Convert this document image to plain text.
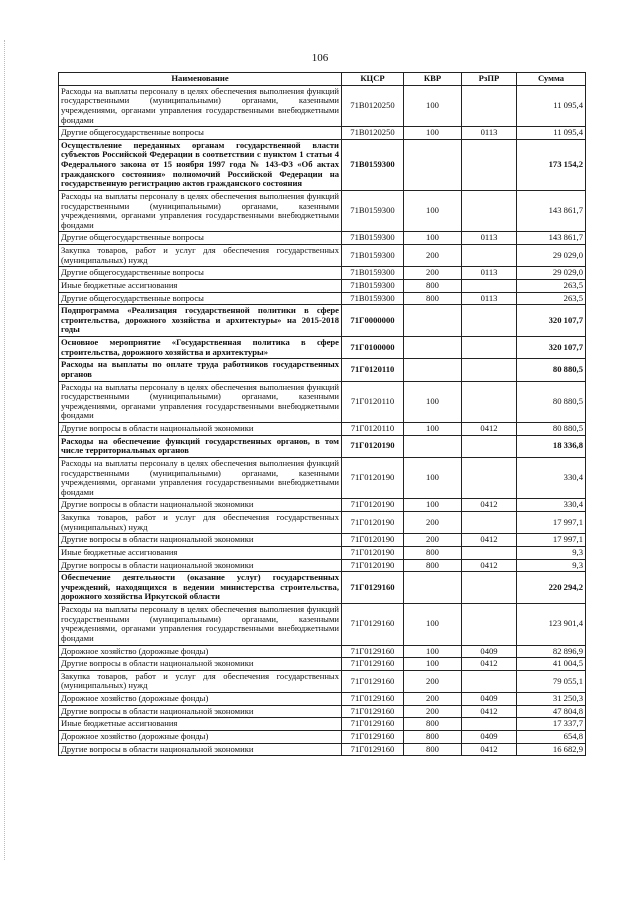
106
Наименование	КЦСР	КВР	РзПР	Сумма
Расходы на выплаты персоналу в целях обеспечения выполнения функций государственными (муниципальными) органами, казенными учреждениями, органами управления государственными внебюджетными фондами	71В0120250	100		11 095,4
Другие общегосударственные вопросы	71В0120250	100	0113	11 095,4
Осуществление переданных органам государственной власти субъектов Российской Федерации в соответствии с пунктом 1 статьи 4 Федерального закона от 15 ноября 1997 года № 143-ФЗ «Об актах гражданского состояния» полномочий Российской Федерации на государственную регистрацию актов гражданского состояния	71В0159300			173 154,2
Расходы на выплаты персоналу в целях обеспечения выполнения функций государственными (муниципальными) органами, казенными учреждениями, органами управления государственными внебюджетными фондами	71В0159300	100		143 861,7
Другие общегосударственные вопросы	71В0159300	100	0113	143 861,7
Закупка товаров, работ и услуг для обеспечения государственных (муниципальных) нужд	71В0159300	200		29 029,0
Другие общегосударственные вопросы	71В0159300	200	0113	29 029,0
Иные бюджетные ассигнования	71В0159300	800		263,5
Другие общегосударственные вопросы	71В0159300	800	0113	263,5
Подпрограмма «Реализация государственной политики в сфере строительства, дорожного хозяйства и архитектуры» на 2015-2018 годы	71Г0000000			320 107,7
Основное мероприятие «Государственная политика в сфере строительства, дорожного хозяйства и архитектуры»	71Г0100000			320 107,7
Расходы на выплаты по оплате труда работников государственных органов	71Г0120110			80 880,5
Расходы на выплаты персоналу в целях обеспечения выполнения функций государственными (муниципальными) органами, казенными учреждениями, органами управления государственными внебюджетными фондами	71Г0120110	100		80 880,5
Другие вопросы в области национальной экономики	71Г0120110	100	0412	80 880,5
Расходы на обеспечение функций государственных органов, в том числе территориальных органов	71Г0120190			18 336,8
Расходы на выплаты персоналу в целях обеспечения выполнения функций государственными (муниципальными) органами, казенными учреждениями, органами управления государственными внебюджетными фондами	71Г0120190	100		330,4
Другие вопросы в области национальной экономики	71Г0120190	100	0412	330,4
Закупка товаров, работ и услуг для обеспечения государственных (муниципальных) нужд	71Г0120190	200		17 997,1
Другие вопросы в области национальной экономики	71Г0120190	200	0412	17 997,1
Иные бюджетные ассигнования	71Г0120190	800		9,3
Другие вопросы в области национальной экономики	71Г0120190	800	0412	9,3
Обеспечение деятельности (оказание услуг) государственных учреждений, находящихся в ведении министерства строительства, дорожного хозяйства Иркутской области	71Г0129160			220 294,2
Расходы на выплаты персоналу в целях обеспечения выполнения функций государственными (муниципальными) органами, казенными учреждениями, органами управления государственными внебюджетными фондами	71Г0129160	100		123 901,4
Дорожное хозяйство (дорожные фонды)	71Г0129160	100	0409	82 896,9
Другие вопросы в области национальной экономики	71Г0129160	100	0412	41 004,5
Закупка товаров, работ и услуг для обеспечения государственных (муниципальных) нужд	71Г0129160	200		79 055,1
Дорожное хозяйство (дорожные фонды)	71Г0129160	200	0409	31 250,3
Другие вопросы в области национальной экономики	71Г0129160	200	0412	47 804,8
Иные бюджетные ассигнования	71Г0129160	800		17 337,7
Дорожное хозяйство (дорожные фонды)	71Г0129160	800	0409	654,8
Другие вопросы в области национальной экономики	71Г0129160	800	0412	16 682,9
